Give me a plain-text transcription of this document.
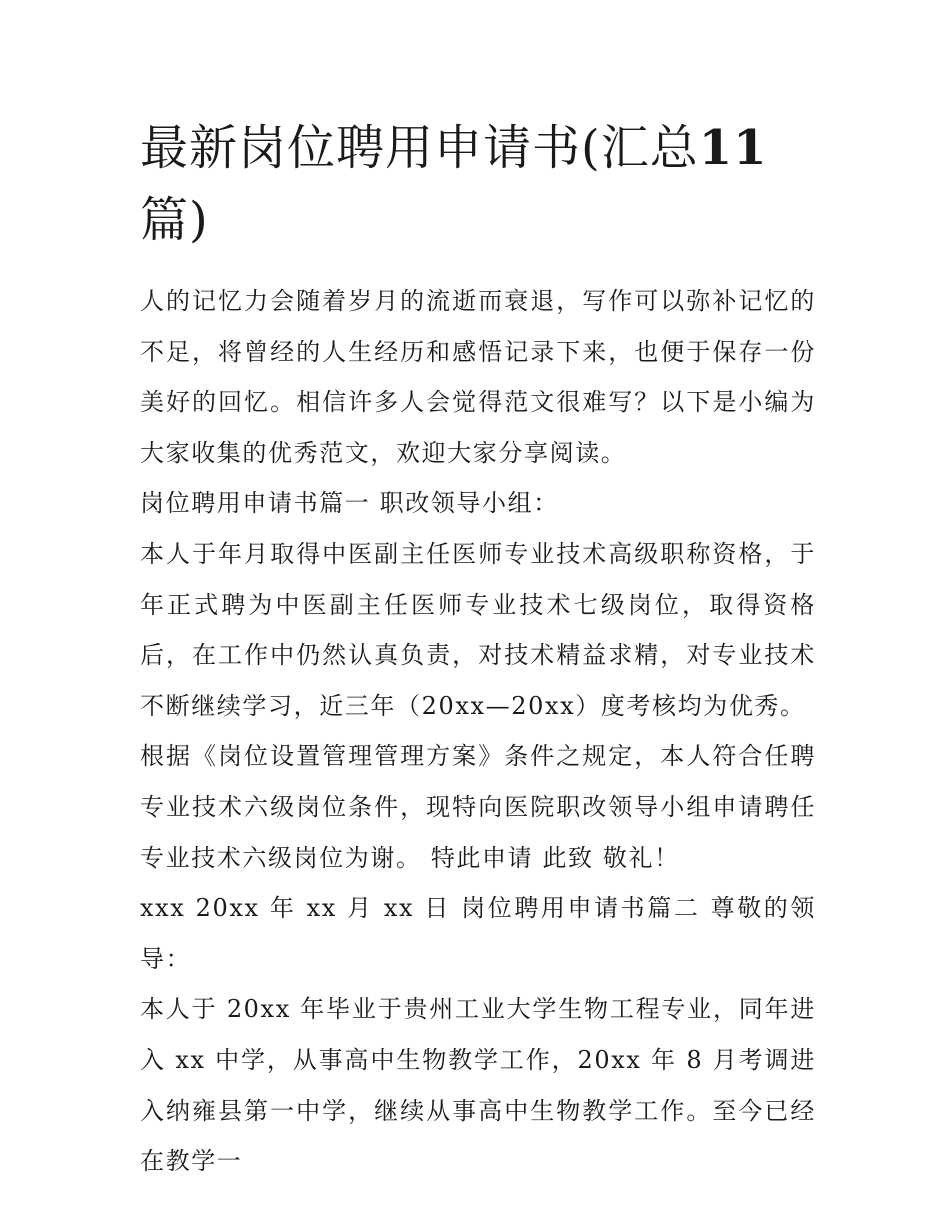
最新岗位聘用申请书(汇总11
篇)

人的记忆力会随着岁月的流逝而衰退，写作可以弥补记忆的不足，将曾经的人生经历和感悟记录下来，也便于保存一份美好的回忆。相信许多人会觉得范文很难写？以下是小编为大家收集的优秀范文，欢迎大家分享阅读。

岗位聘用申请书篇一 职改领导小组：

本人于年月取得中医副主任医师专业技术高级职称资格，于年正式聘为中医副主任医师专业技术七级岗位，取得资格后，在工作中仍然认真负责，对技术精益求精，对专业技术不断继续学习，近三年（20xx—20xx）度考核均为优秀。

根据《岗位设置管理管理方案》条件之规定，本人符合任聘专业技术六级岗位条件，现特向医院职改领导小组申请聘任专业技术六级岗位为谢。 特此申请 此致 敬礼！

xxx 20xx 年 xx 月 xx 日 岗位聘用申请书篇二 尊敬的领导：

本人于 20xx 年毕业于贵州工业大学生物工程专业，同年进入 xx 中学，从事高中生物教学工作，20xx 年 8 月考调进入纳雍县第一中学，继续从事高中生物教学工作。至今已经在教学一
